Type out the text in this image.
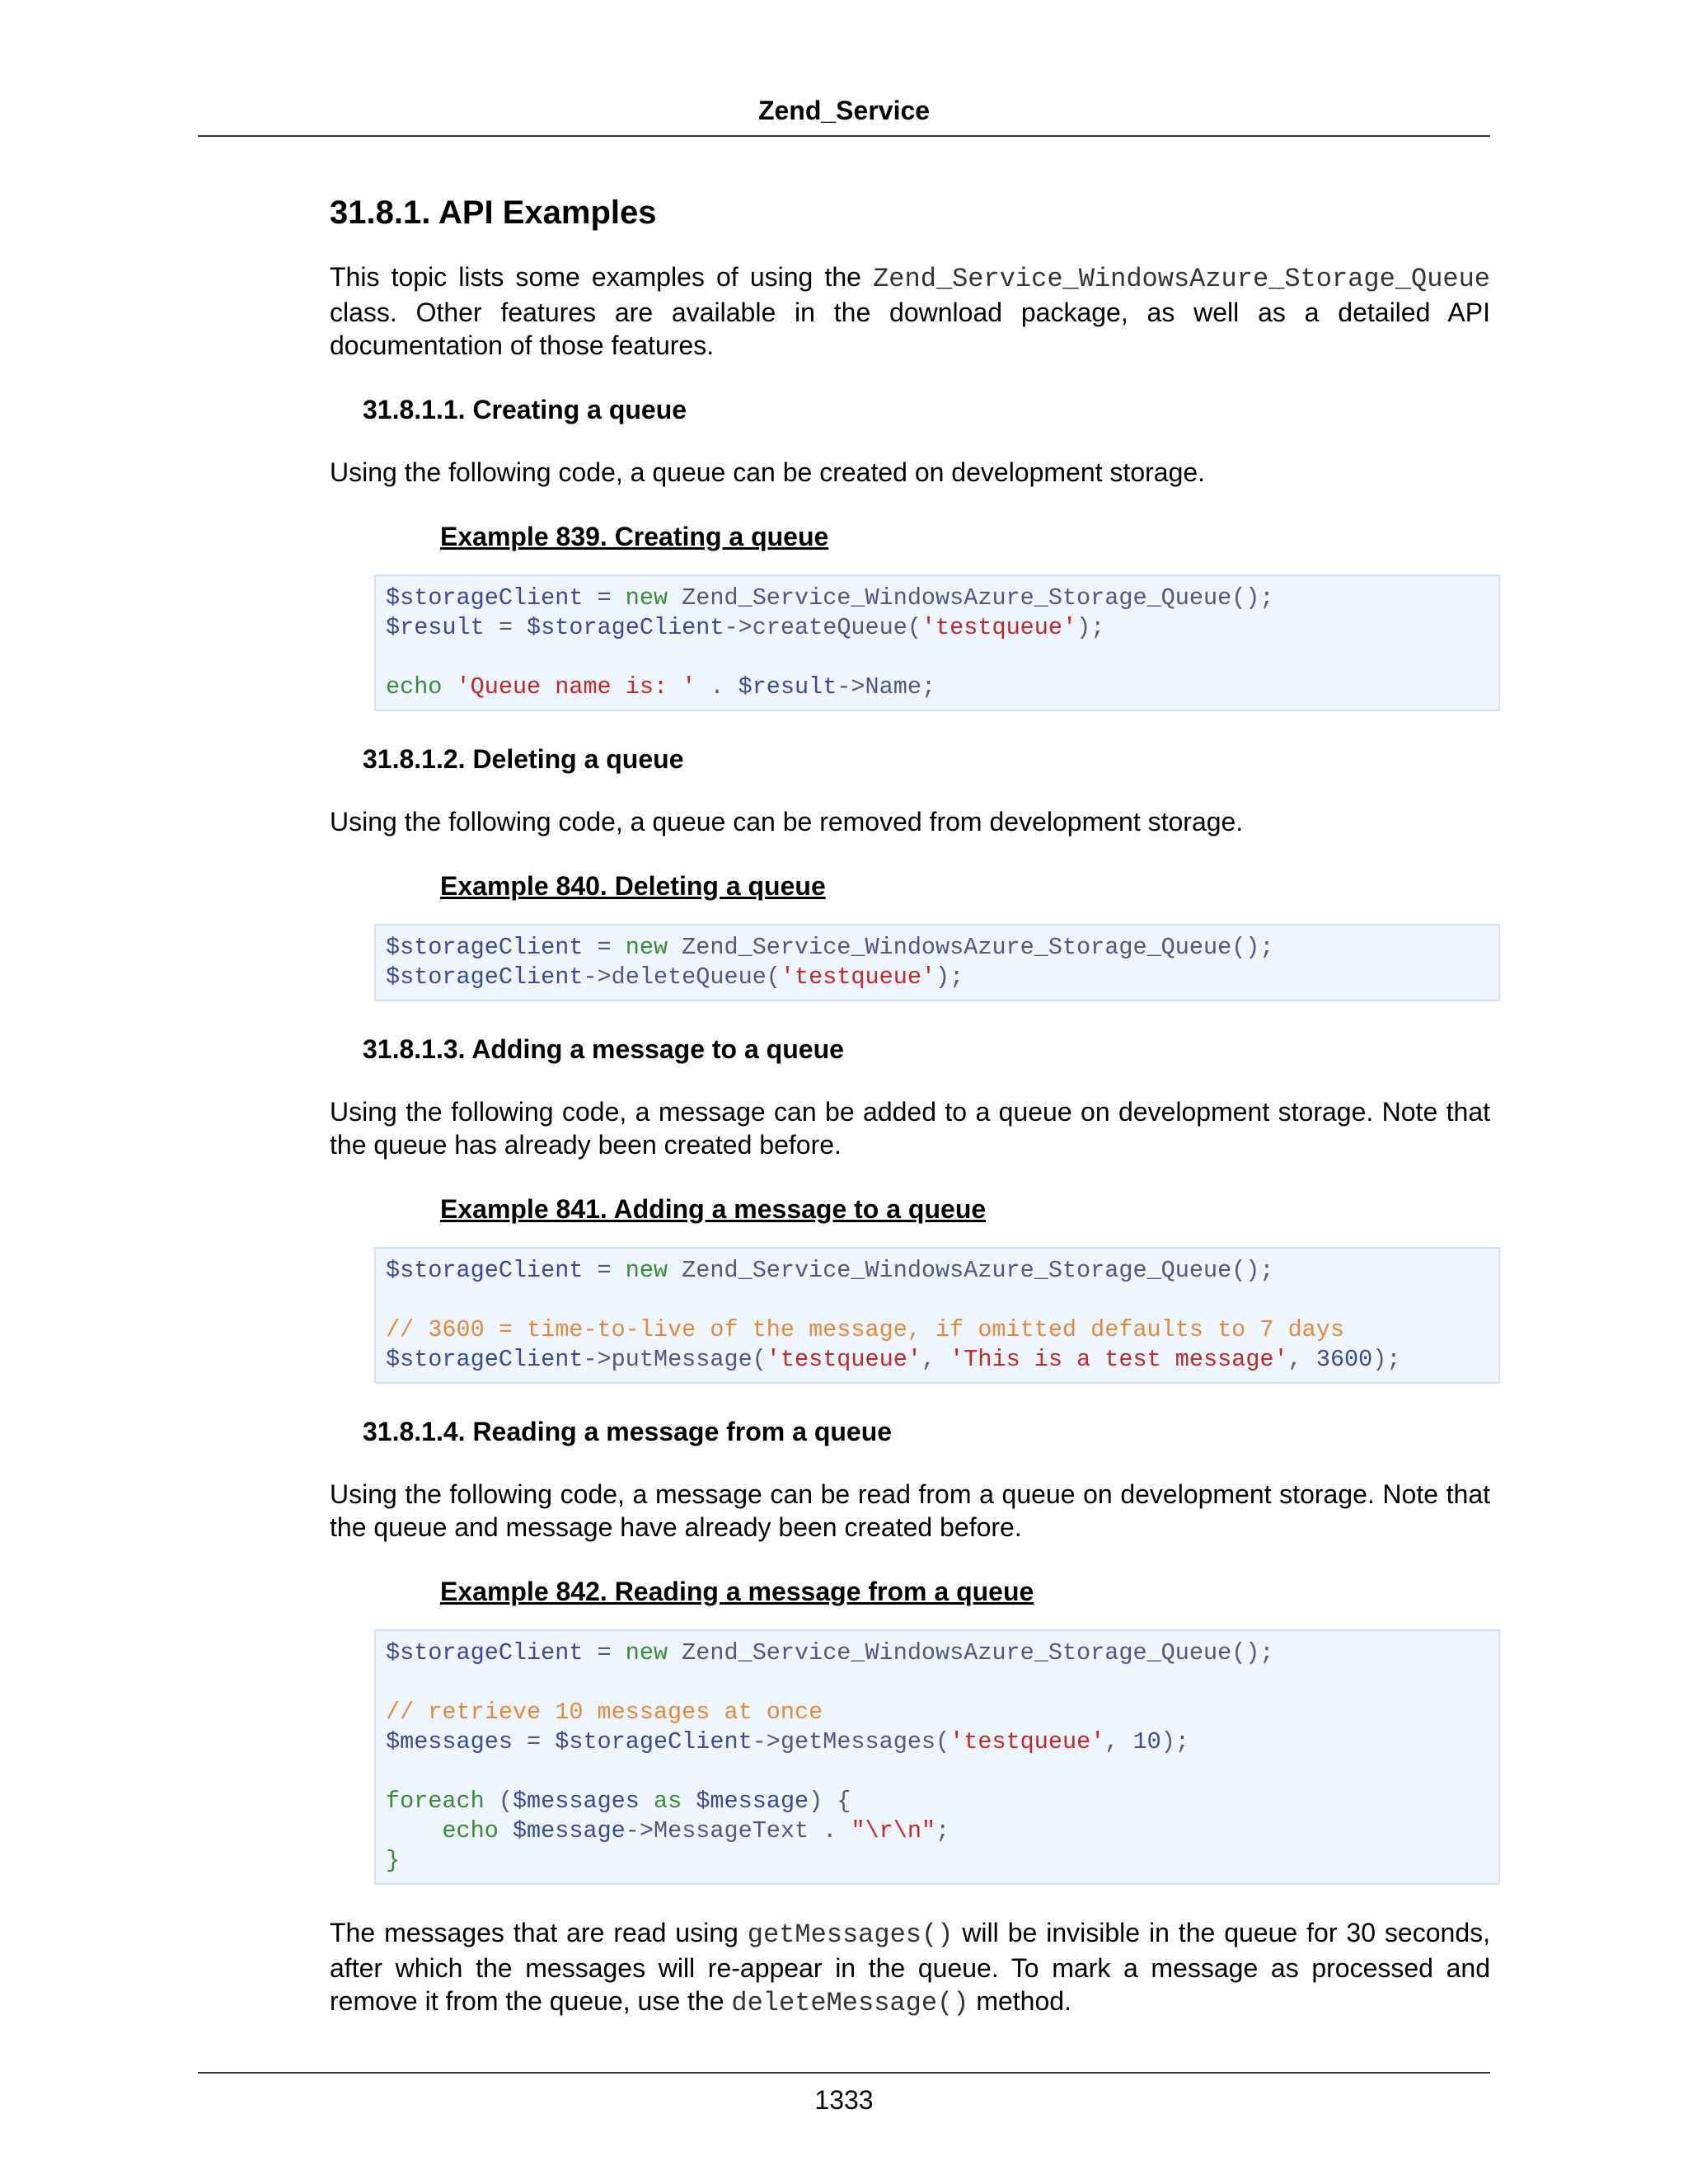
Zend_Service
31.8.1. API Examples

This topic lists some examples of using the Zend_Service_WindowsAzure_Storage_Queue class. Other features are available in the download package, as well as a detailed API documentation of those features.

31.8.1.1. Creating a queue

Using the following code, a queue can be created on development storage.

Example 839. Creating a queue
$storageClient = new Zend_Service_WindowsAzure_Storage_Queue();
$result = $storageClient->createQueue('testqueue');

echo 'Queue name is: ' . $result->Name;
31.8.1.2. Deleting a queue

Using the following code, a queue can be removed from development storage.

Example 840. Deleting a queue
$storageClient = new Zend_Service_WindowsAzure_Storage_Queue();
$storageClient->deleteQueue('testqueue');
31.8.1.3. Adding a message to a queue

Using the following code, a message can be added to a queue on development storage. Note that the queue has already been created before.

Example 841. Adding a message to a queue
$storageClient = new Zend_Service_WindowsAzure_Storage_Queue();

// 3600 = time-to-live of the message, if omitted defaults to 7 days
$storageClient->putMessage('testqueue', 'This is a test message', 3600);
31.8.1.4. Reading a message from a queue

Using the following code, a message can be read from a queue on development storage. Note that the queue and message have already been created before.

Example 842. Reading a message from a queue
$storageClient = new Zend_Service_WindowsAzure_Storage_Queue();

// retrieve 10 messages at once
$messages = $storageClient->getMessages('testqueue', 10);

foreach ($messages as $message) {
echo $message->MessageText . "\r\n";
}

The messages that are read using getMessages() will be invisible in the queue for 30 seconds, after which the messages will re-appear in the queue. To mark a message as processed and remove it from the queue, use the deleteMessage() method.

1333
